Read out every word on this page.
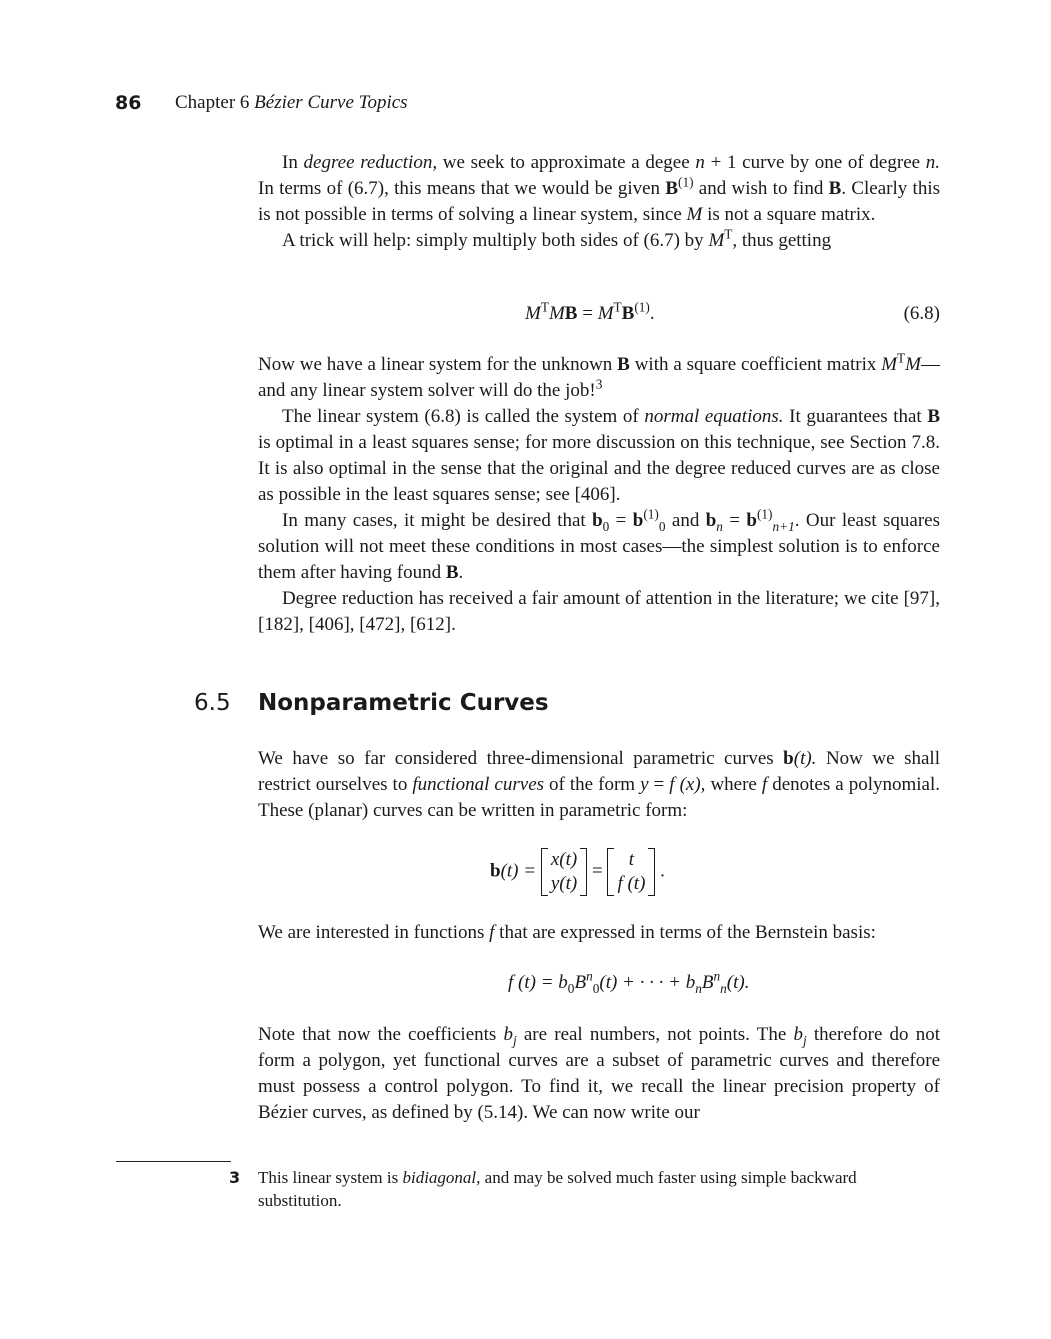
86 Chapter 6 Bézier Curve Topics

In degree reduction, we seek to approximate a degee n + 1 curve by one of degree n. In terms of (6.7), this means that we would be given $B^{(1)}$ and wish to find B. Clearly this is not possible in terms of solving a linear system, since M is not a square matrix.

A trick will help: simply multiply both sides of (6.7) by $M^T$, thus getting

$M^TMB = M^TB^{(1)}$.	(6.8)

Now we have a linear system for the unknown B with a square coefficient matrix $M^TM—and$ any linear system solver will do the job!$^3$

The linear system (6.8) is called the system of normal equations. It guarantees that B is optimal in a least squares sense; for more discussion on this technique, see Section 7.8. It is also optimal in the sense that the original and the degree reduced curves are as close as possible in the least squares sense; see [406].

In many cases, it might be desired that $b_0 = b^{(1)}_0$ and $b_n = b^{(1)}_{n+1}$. Our least squares solution will not meet these conditions in most cases—the simplest solution is to enforce them after having found B.

Degree reduction has received a fair amount of attention in the literature; we cite [97], [182], [406], [472], [612].

6.5 Nonparametric Curves

We have so far considered three-dimensional parametric curves b(t). Now we shall restrict ourselves to functional curves of the form y = f (x), where f denotes a polynomial. These (planar) curves can be written in parametric form:

b(t) =
x(t)
y(t)
=
t
f (t)
.

We are interested in functions f that are expressed in terms of the Bernstein basis:

f $(t) = b_0B^n_0(t)$ + · · · + $b_nB^n_n(t)$.

Note that now the coefficients $b_j$ are real numbers, not points. The $b_j$ therefore do not form a polygon, yet functional curves are a subset of parametric curves and therefore must possess a control polygon. To find it, we recall the linear precision property of Bézier curves, as defined by (5.14). We can now write our

3 This linear system is bidiagonal, and may be solved much faster using simple backward substitution.
